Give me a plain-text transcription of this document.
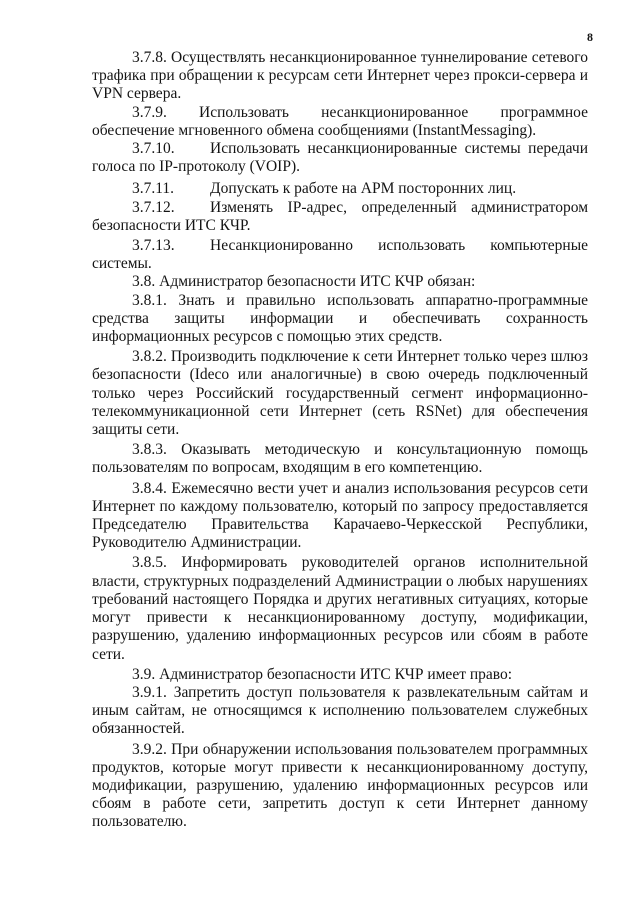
8

3.7.8. Осуществлять несанкционированное туннелирование сетевого трафика при обращении к ресурсам сети Интернет через прокси-сервера и VPN сервера.

3.7.9. Использовать несанкционированное программное обеспечение мгновенного обмена сообщениями (InstantMessaging).

3.7.10.	Использовать несанкционированные системы передачи

голоса по IP-протоколу (VOIP).

3.7.11.	Допускать к работе на АРМ посторонних лиц.
3.7.12.	Изменять IP-адрес, определенный администратором

безопасности ИТС КЧР.

3.7.13.	Несанкционированно использовать компьютерные

системы.

3.8. Администратор безопасности ИТС КЧР обязан:

3.8.1. Знать и правильно использовать аппаратно-программные средства защиты информации и обеспечивать сохранность информационных ресурсов с помощью этих средств.

3.8.2. Производить подключение к сети Интернет только через шлюз безопасности (Ideco или аналогичные) в свою очередь подключенный только через Российский государственный сегмент информационно-телекоммуникационной сети Интернет (сеть RSNet) для обеспечения защиты сети.

3.8.3. Оказывать методическую и консультационную помощь пользователям по вопросам, входящим в его компетенцию.

3.8.4. Ежемесячно вести учет и анализ использования ресурсов сети Интернет по каждому пользователю, который по запросу предоставляется Председателю Правительства Карачаево-Черкесской Республики, Руководителю Администрации.

3.8.5. Информировать руководителей органов исполнительной власти, структурных подразделений Администрации о любых нарушениях требований настоящего Порядка и других негативных ситуациях, которые могут привести к несанкционированному доступу, модификации, разрушению, удалению информационных ресурсов или сбоям в работе сети.

3.9. Администратор безопасности ИТС КЧР имеет право:

3.9.1. Запретить доступ пользователя к развлекательным сайтам и иным сайтам, не относящимся к исполнению пользователем служебных обязанностей.

3.9.2. При обнаружении использования пользователем программных продуктов, которые могут привести к несанкционированному доступу, модификации, разрушению, удалению информационных ресурсов или сбоям в работе сети, запретить доступ к сети Интернет данному пользователю.
